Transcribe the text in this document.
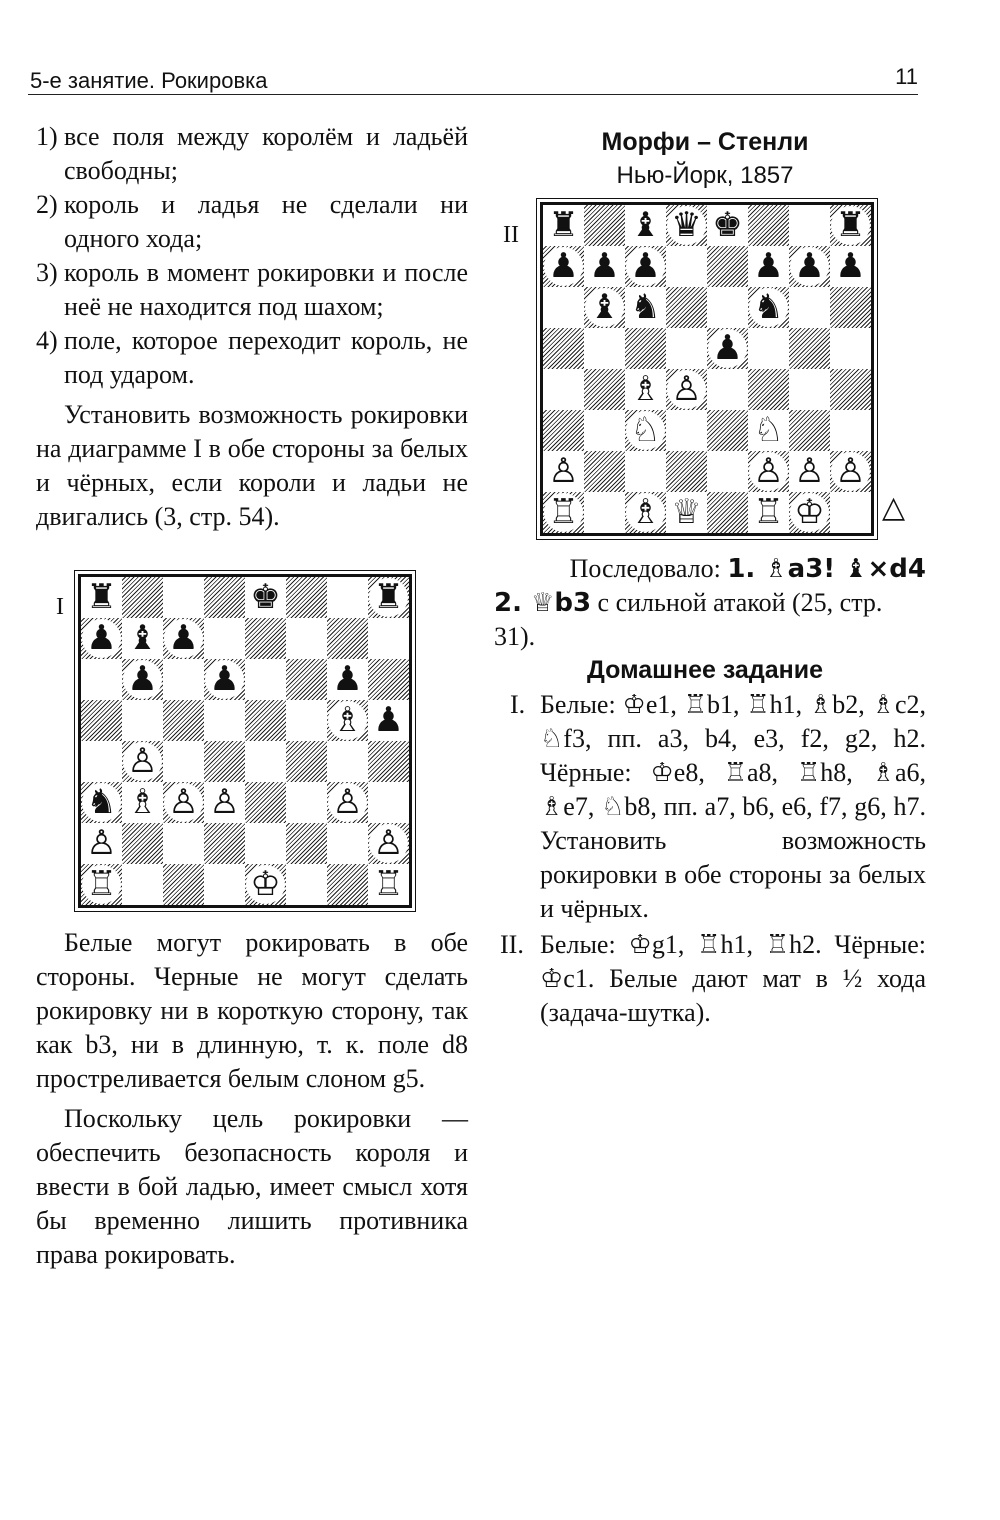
5-е занятие. Рокировка	11
1) все поля между королём и ладьёй свободны;
2) король и ладья не сделали ни одного хода;
3) король в момент рокировки и после неё не находится под шахом;
4) поле, которое переходит король, не под ударом.
Установить возможность рокировки на диаграмме I в обе стороны за белых и чёрных, если короли и ладьи не двигались (3, стр. 54).
I ♜	♚	♜
♟ ♝ ♟
♟ ♟	♟
♗ ♟
♙
♞ ♗ ♙ ♙	♙
♙	♙
♖	♔	♖
Белые могут рокировать в обе стороны. Черные не могут сделать рокировку ни в короткую сторону, так как b3, ни в длинную, т. к. поле d8 простреливается белым слоном g5.
Поскольку цель рокировки — обеспечить безопасность короля и ввести в бой ладью, имеет смысл хотя бы временно лишить противника права рокировать.
Морфи – Стенли
Нью-Йорк, 1857
II ♜ ♝ ♛ ♚	♜
♟ ♟ ♟	♟ ♟ ♟
♝ ♞	♞
♟
♗ ♙
♘	♘
♙	♙ ♙ ♙
♖ ♗ ♕ ♖ ♔ △
Последовало: 1. ♗a3! ♝×d4
2. ♕b3 с сильной атакой (25, стр. 31).
Домашнее задание
I. Белые: ♔e1, ♖b1, ♖h1, ♗b2, ♗c2, ♘f3, пп. a3, b4, e3, f2, g2, h2. Чёрные: ♔e8, ♖a8, ♖h8, ♗a6, ♗e7, ♘b8, пп. a7, b6, e6, f7, g6, h7. Установить возможность рокировки в обе стороны за белых и чёрных.
II. Белые: ♔g1, ♖h1, ♖h2. Чёрные: ♔c1. Белые дают мат в ½ хода (задача-шутка).
